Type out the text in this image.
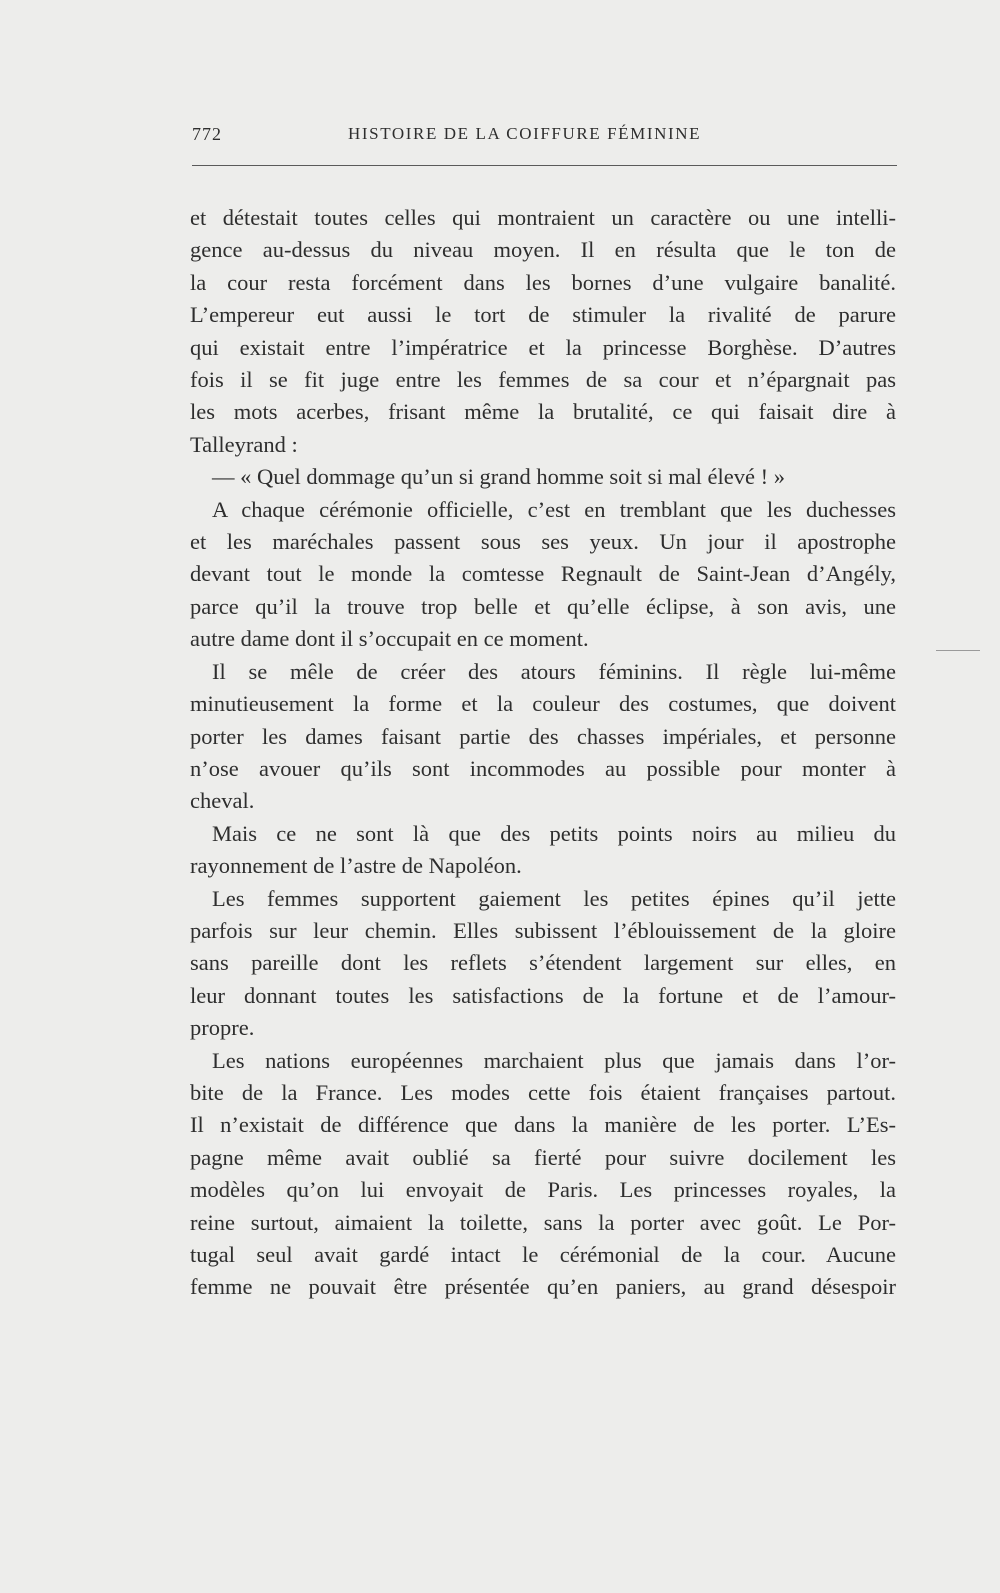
772	HISTOIRE DE LA COIFFURE FÉMININE
et détestait toutes celles qui montraient un caractère ou une intelli-
gence au-dessus du niveau moyen. Il en résulta que le ton de
la cour resta forcément dans les bornes d’une vulgaire banalité.
L’empereur eut aussi le tort de stimuler la rivalité de parure
qui existait entre l’impératrice et la princesse Borghèse. D’autres
fois il se fit juge entre les femmes de sa cour et n’épargnait pas
les mots acerbes, frisant même la brutalité, ce qui faisait dire à
Talleyrand :
— « Quel dommage qu’un si grand homme soit si mal élevé ! »
A chaque cérémonie officielle, c’est en tremblant que les duchesses
et les maréchales passent sous ses yeux. Un jour il apostrophe
devant tout le monde la comtesse Regnault de Saint-Jean d’Angély,
parce qu’il la trouve trop belle et qu’elle éclipse, à son avis, une
autre dame dont il s’occupait en ce moment.
Il se mêle de créer des atours féminins. Il règle lui-même
minutieusement la forme et la couleur des costumes, que doivent
porter les dames faisant partie des chasses impériales, et personne
n’ose avouer qu’ils sont incommodes au possible pour monter à
cheval.
Mais ce ne sont là que des petits points noirs au milieu du
rayonnement de l’astre de Napoléon.
Les femmes supportent gaiement les petites épines qu’il jette
parfois sur leur chemin. Elles subissent l’éblouissement de la gloire
sans pareille dont les reflets s’étendent largement sur elles, en
leur donnant toutes les satisfactions de la fortune et de l’amour-
propre.
Les nations européennes marchaient plus que jamais dans l’or-
bite de la France. Les modes cette fois étaient françaises partout.
Il n’existait de différence que dans la manière de les porter. L’Es-
pagne même avait oublié sa fierté pour suivre docilement les
modèles qu’on lui envoyait de Paris. Les princesses royales, la
reine surtout, aimaient la toilette, sans la porter avec goût. Le Por-
tugal seul avait gardé intact le cérémonial de la cour. Aucune
femme ne pouvait être présentée qu’en paniers, au grand désespoir
